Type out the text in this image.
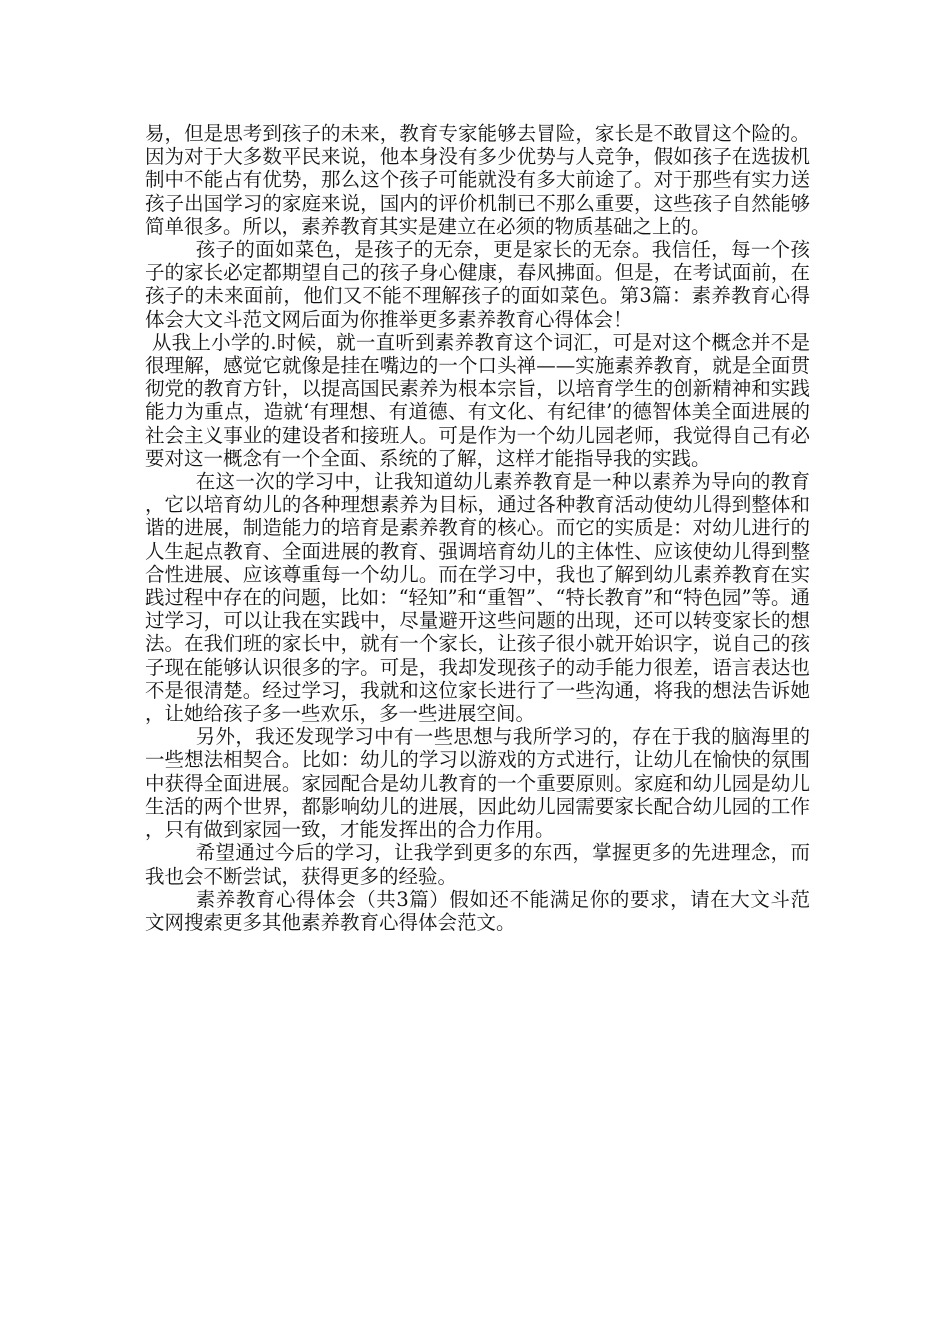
易，但是思考到孩子的未来，教育专家能够去冒险，家长是不敢冒这个险的。因为对于大多数平民来说，他本身没有多少优势与人竞争，假如孩子在选拔机制中不能占有优势，那么这个孩子可能就没有多大前途了。对于那些有实力送孩子出国学习的家庭来说，国内的评价机制已不那么重要，这些孩子自然能够简单很多。所以，素养教育其实是建立在必须的物质基础之上的。

孩子的面如菜色，是孩子的无奈，更是家长的无奈。我信任，每一个孩子的家长必定都期望自己的孩子身心健康，春风拂面。但是，在考试面前，在孩子的未来面前，他们又不能不理解孩子的面如菜色。第3篇：素养教育心得体会大文斗范文网后面为你推举更多素养教育心得体会！

从我上小学的.时候，就一直听到素养教育这个词汇，可是对这个概念并不是很理解，感觉它就像是挂在嘴边的一个口头禅——实施素养教育，就是全面贯彻党的教育方针，以提高国民素养为根本宗旨，以培育学生的创新精神和实践能力为重点，造就‘有理想、有道德、有文化、有纪律’的德智体美全面进展的社会主义事业的建设者和接班人。可是作为一个幼儿园老师，我觉得自己有必要对这一概念有一个全面、系统的了解，这样才能指导我的实践。

在这一次的学习中，让我知道幼儿素养教育是一种以素养为导向的教育，它以培育幼儿的各种理想素养为目标，通过各种教育活动使幼儿得到整体和谐的进展，制造能力的培育是素养教育的核心。而它的实质是：对幼儿进行的人生起点教育、全面进展的教育、强调培育幼儿的主体性、应该使幼儿得到整合性进展、应该尊重每一个幼儿。而在学习中，我也了解到幼儿素养教育在实践过程中存在的问题，比如：“轻知”和“重智”、“特长教育”和“特色园”等。通过学习，可以让我在实践中，尽量避开这些问题的出现，还可以转变家长的想法。在我们班的家长中，就有一个家长，让孩子很小就开始识字，说自己的孩子现在能够认识很多的字。可是，我却发现孩子的动手能力很差，语言表达也不是很清楚。经过学习，我就和这位家长进行了一些沟通，将我的想法告诉她，让她给孩子多一些欢乐，多一些进展空间。

另外，我还发现学习中有一些思想与我所学习的，存在于我的脑海里的一些想法相契合。比如：幼儿的学习以游戏的方式进行，让幼儿在愉快的氛围中获得全面进展。家园配合是幼儿教育的一个重要原则。家庭和幼儿园是幼儿生活的两个世界，都影响幼儿的进展，因此幼儿园需要家长配合幼儿园的工作，只有做到家园一致，才能发挥出的合力作用。

希望通过今后的学习，让我学到更多的东西，掌握更多的先进理念，而我也会不断尝试，获得更多的经验。

素养教育心得体会（共3篇）假如还不能满足你的要求，请在大文斗范文网搜索更多其他素养教育心得体会范文。
